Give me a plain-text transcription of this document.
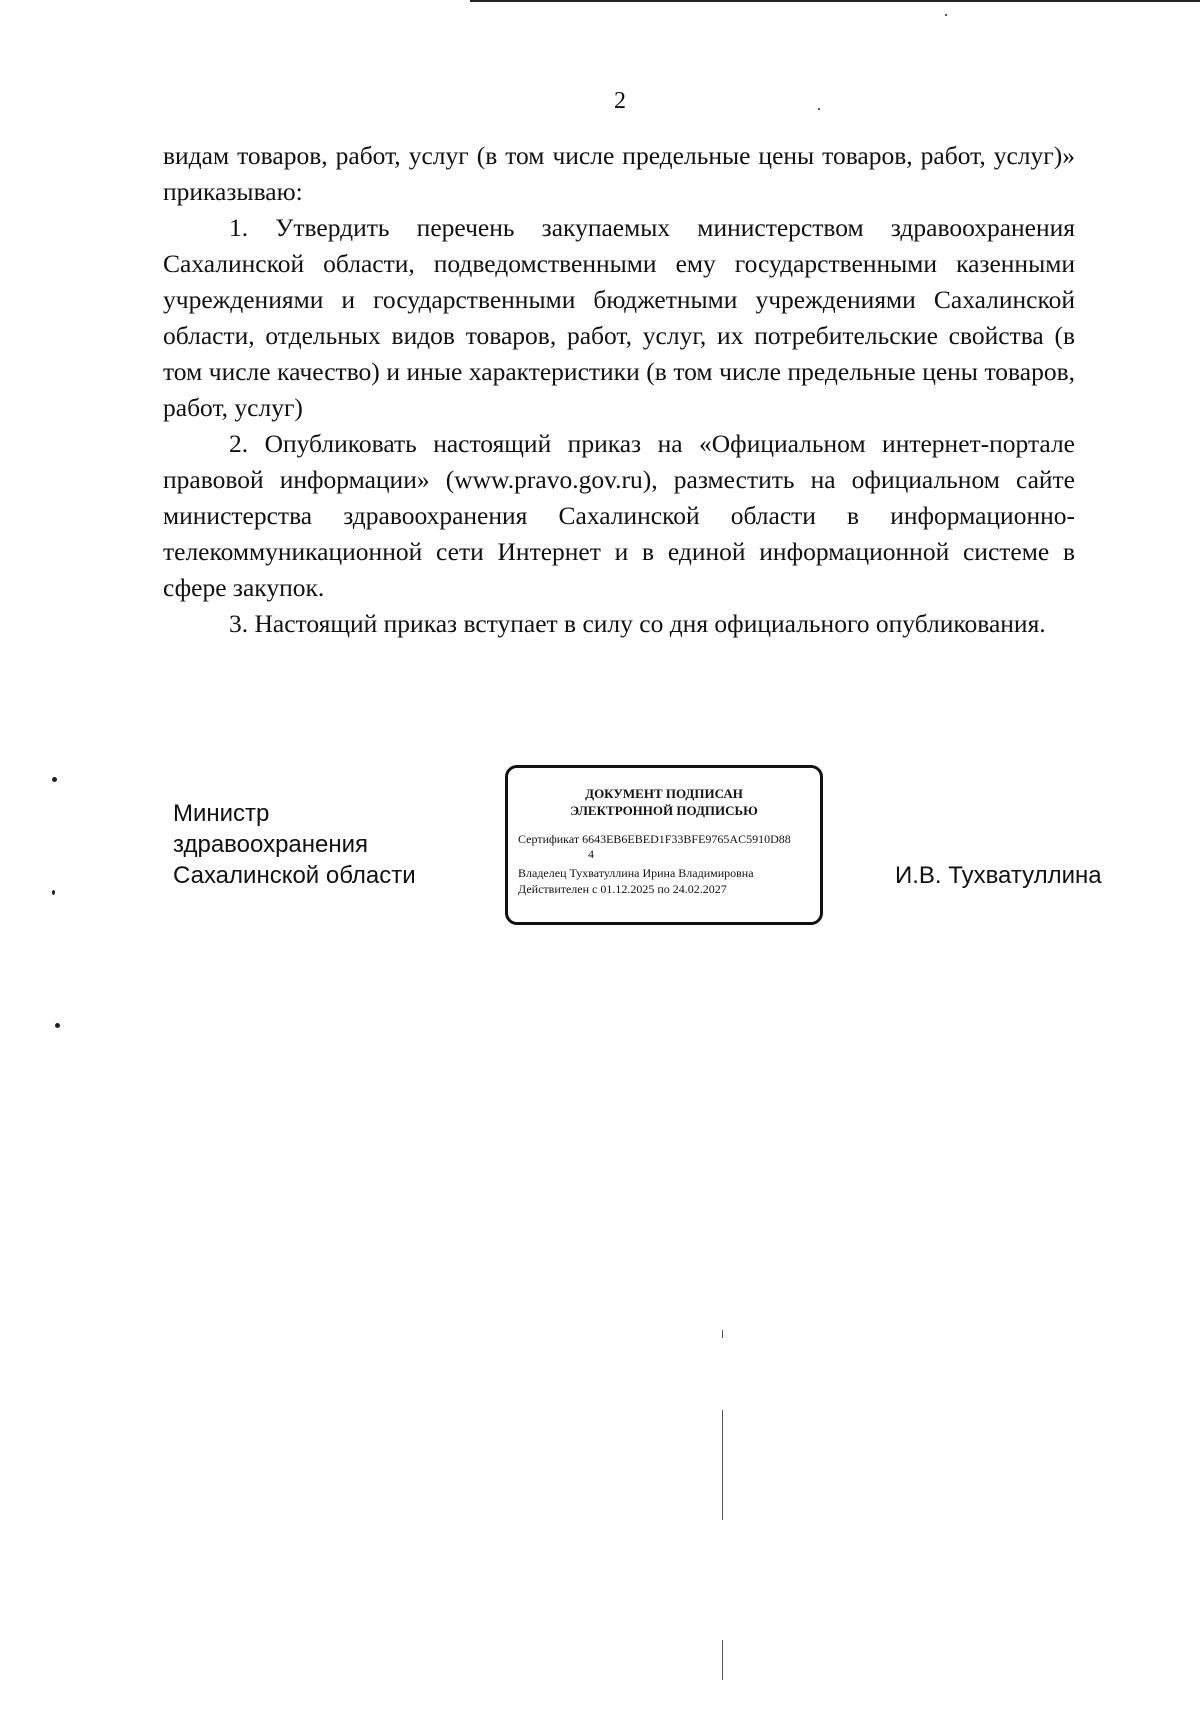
2

видам товаров, работ, услуг (в том числе предельные цены товаров, работ, услуг)» приказываю:

1. Утвердить перечень закупаемых министерством здравоохранения Сахалинской области, подведомственными ему государственными казенными учреждениями и государственными бюджетными учреждениями Сахалинской области, отдельных видов товаров, работ, услуг, их потребительские свойства (в том числе качество) и иные характеристики (в том числе предельные цены товаров, работ, услуг)

2. Опубликовать настоящий приказ на «Официальном интернет-портале правовой информации» (www.pravo.gov.ru), разместить на официальном сайте министерства здравоохранения Сахалинской области в информационно-телекоммуникационной сети Интернет и в единой информационной системе в сфере закупок.

3. Настоящий приказ вступает в силу со дня официального опубликования.

Министр
здравоохранения
Сахалинской области
ДОКУМЕНТ ПОДПИСАН
ЭЛЕКТРОННОЙ ПОДПИСЬЮ
Сертификат 6643EB6EBED1F33BFE9765AC5910D88
4
Владелец Тухватуллина Ирина Владимировна
Действителен с 01.12.2025 по 24.02.2027	И.В. Тухватуллина
